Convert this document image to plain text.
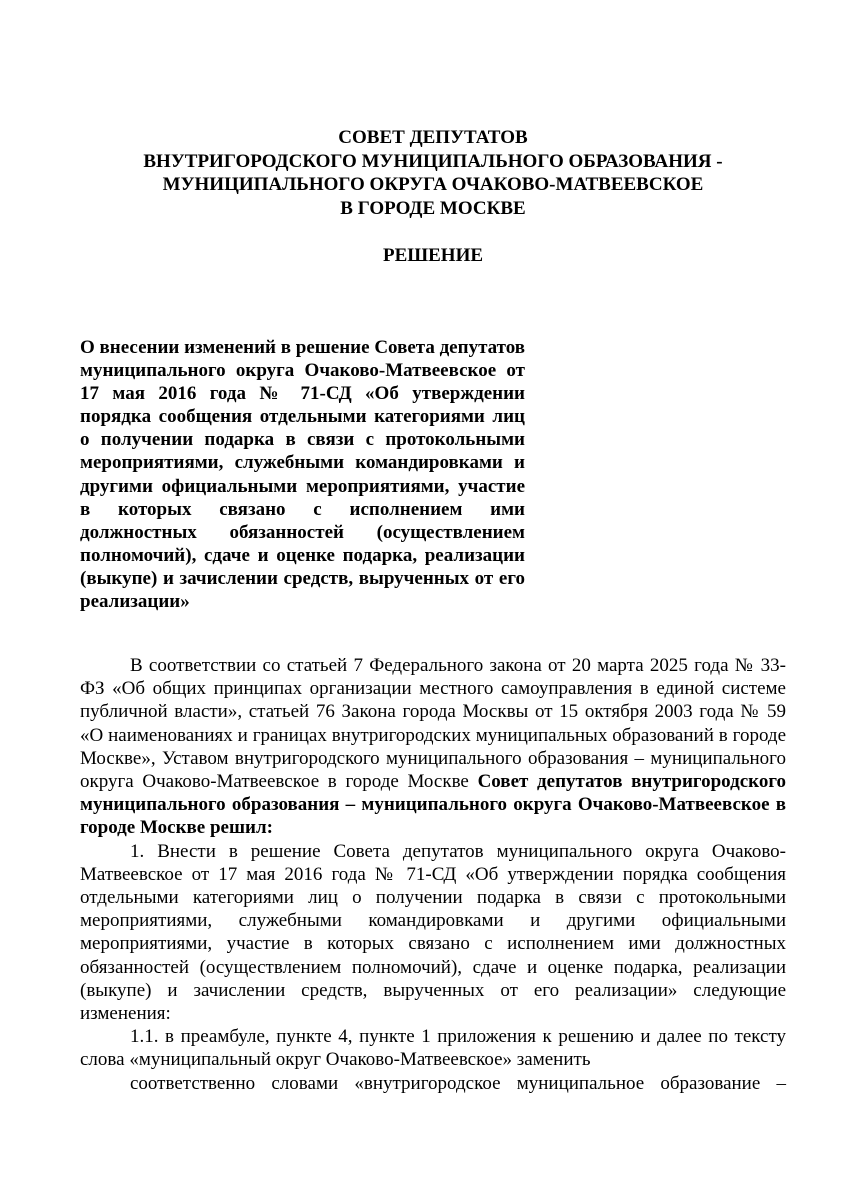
СОВЕТ ДЕПУТАТОВ
ВНУТРИГОРОДСКОГО МУНИЦИПАЛЬНОГО ОБРАЗОВАНИЯ -
МУНИЦИПАЛЬНОГО ОКРУГА ОЧАКОВО-МАТВЕЕВСКОЕ
В ГОРОДЕ МОСКВЕ
РЕШЕНИЕ
О внесении изменений в решение Совета депутатов муниципального округа Очаково-Матвеевское от 17 мая 2016 года № 71-СД «Об утверждении порядка сообщения отдельными категориями лиц о получении подарка в связи с протокольными мероприятиями, служебными командировками и другими официальными мероприятиями, участие в которых связано с исполнением ими должностных обязанностей (осуществлением полномочий), сдаче и оценке подарка, реализации (выкупе) и зачислении средств, вырученных от его реализации»

В соответствии со статьей 7 Федерального закона от 20 марта 2025 года № 33-ФЗ «Об общих принципах организации местного самоуправления в единой системе публичной власти», статьей 76 Закона города Москвы от 15 октября 2003 года № 59 «О наименованиях и границах внутригородских муниципальных образований в городе Москве», Уставом внутригородского муниципального образования – муниципального округа Очаково-Матвеевское в городе Москве Совет депутатов внутригородского муниципального образования – муниципального округа Очаково-Матвеевское в городе Москве решил:

1. Внести в решение Совета депутатов муниципального округа Очаково-Матвеевское от 17 мая 2016 года № 71-СД «Об утверждении порядка сообщения отдельными категориями лиц о получении подарка в связи с протокольными мероприятиями, служебными командировками и другими официальными мероприятиями, участие в которых связано с исполнением ими должностных обязанностей (осуществлением полномочий), сдаче и оценке подарка, реализации (выкупе) и зачислении средств, вырученных от его реализации» следующие изменения:

1.1. в преамбуле, пункте 4, пункте 1 приложения к решению и далее по тексту слова «муниципальный округ Очаково-Матвеевское» заменить
соответственно словами «внутригородское муниципальное образование –
